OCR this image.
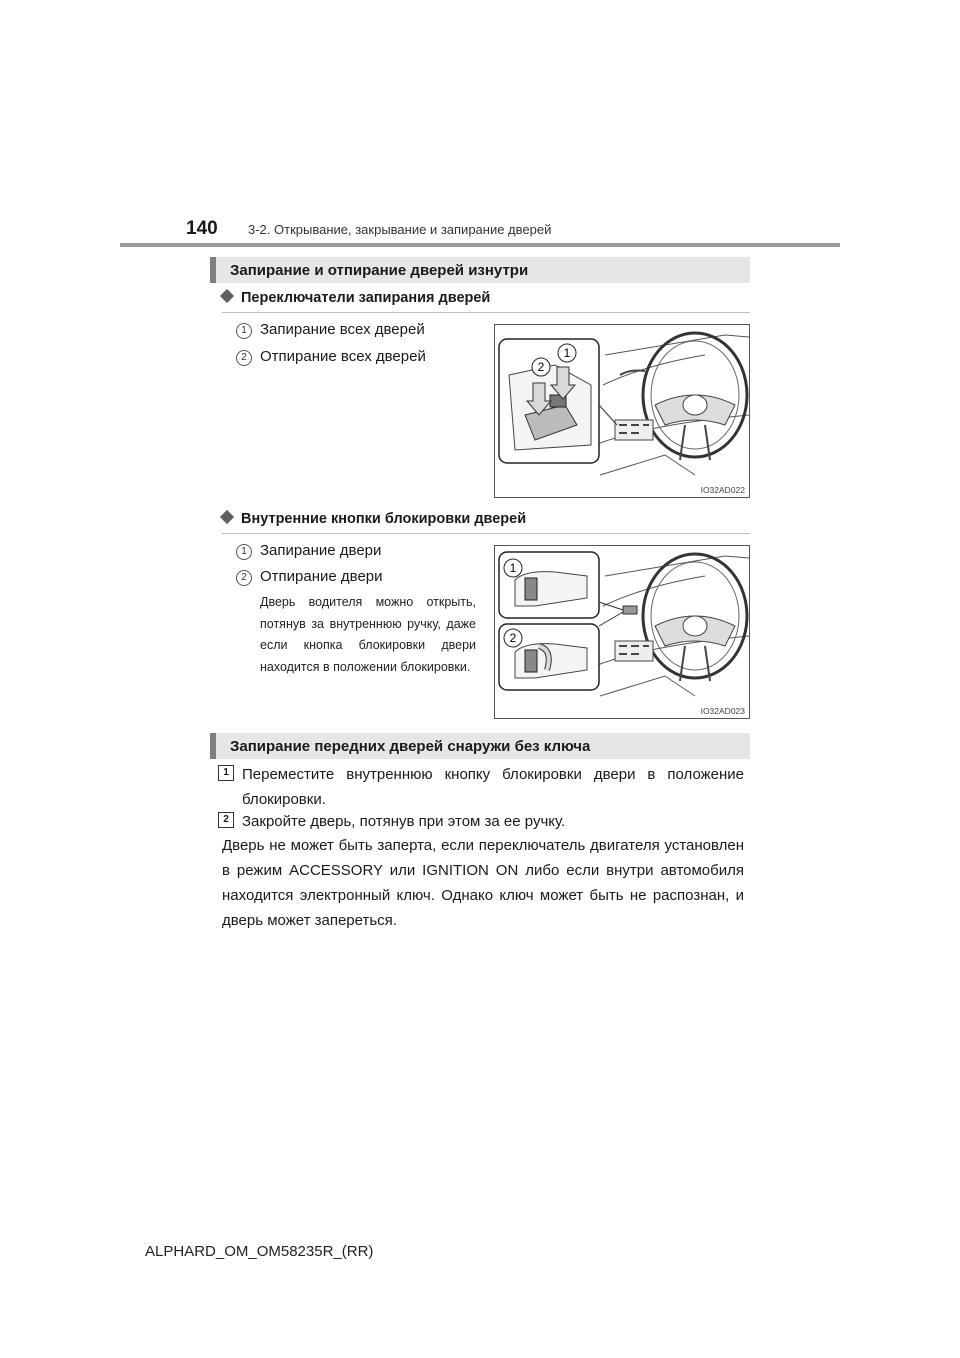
140 3-2. Открывание, закрывание и запирание дверей
Запирание и отпирание дверей изнутри
Переключатели запирания дверей
1 Запирание всех дверей
2 Отпирание всех дверей	1
2
IO32AD022
Внутренние кнопки блокировки дверей
1 Запирание двери
2 Отпирание двери
Дверь водителя можно открыть, потянув за внутреннюю ручку, даже если кнопка блокировки двери находится в положении блокировки.
1
2
IO32AD023
Запирание передних дверей снаружи без ключа
1 Переместите внутреннюю кнопку блокировки двери в положение блокировки.
2 Закройте дверь, потянув при этом за ее ручку.
Дверь не может быть заперта, если переключатель двигателя установлен в режим ACCESSORY или IGNITION ON либо если внутри автомобиля находится электронный ключ. Однако ключ может быть не распознан, и дверь может запереться.
ALPHARD_OM_OM58235R_(RR)
